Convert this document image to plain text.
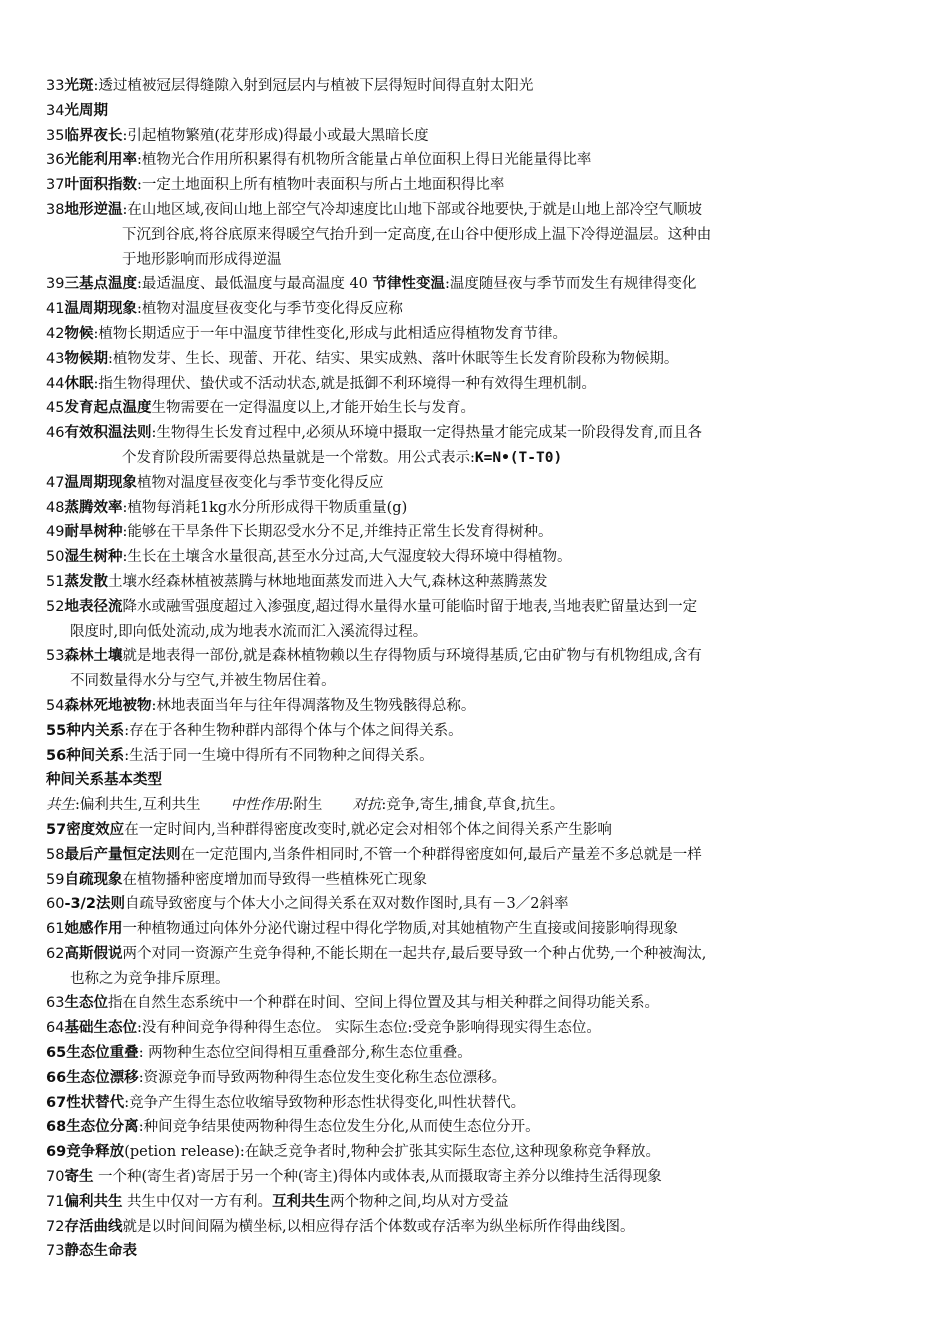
33光斑:透过植被冠层得缝隙入射到冠层内与植被下层得短时间得直射太阳光
34光周期
35临界夜长:引起植物繁殖(花芽形成)得最小或最大黑暗长度
36光能利用率:植物光合作用所积累得有机物所含能量占单位面积上得日光能量得比率
37叶面积指数:一定土地面积上所有植物叶表面积与所占土地面积得比率
38地形逆温:在山地区域,夜间山地上部空气冷却速度比山地下部或谷地要快,于就是山地上部冷空气顺坡
下沉到谷底,将谷底原来得暖空气抬升到一定高度,在山谷中便形成上温下冷得逆温层。这种由
于地形影响而形成得逆温
39三基点温度:最适温度、最低温度与最高温度 40 节律性变温:温度随昼夜与季节而发生有规律得变化
41温周期现象:植物对温度昼夜变化与季节变化得反应称
42物候:植物长期适应于一年中温度节律性变化,形成与此相适应得植物发育节律。
43物候期:植物发芽、生长、现蕾、开花、结实、果实成熟、落叶休眠等生长发育阶段称为物候期。
44休眠:指生物得理伏、蛰伏或不活动状态,就是抵御不利环境得一种有效得生理机制。
45发育起点温度生物需要在一定得温度以上,才能开始生长与发育。
46有效积温法则:生物得生长发育过程中,必须从环境中摄取一定得热量才能完成某一阶段得发育,而且各
个发育阶段所需要得总热量就是一个常数。用公式表示:K=N•(T-T0)
47温周期现象植物对温度昼夜变化与季节变化得反应
48蒸腾效率:植物每消耗1kg水分所形成得干物质重量(g)
49耐旱树种:能够在干旱条件下长期忍受水分不足,并维持正常生长发育得树种。
50湿生树种:生长在土壤含水量很高,甚至水分过高,大气湿度较大得环境中得植物。
51蒸发散土壤水经森林植被蒸腾与林地地面蒸发而进入大气,森林这种蒸腾蒸发
52地表径流降水或融雪强度超过入渗强度,超过得水量得水量可能临时留于地表,当地表贮留量达到一定
限度时,即向低处流动,成为地表水流而汇入溪流得过程。
53森林土壤就是地表得一部份,就是森林植物赖以生存得物质与环境得基质,它由矿物与有机物组成,含有
不同数量得水分与空气,并被生物居住着。
54森林死地被物:林地表面当年与往年得凋落物及生物残骸得总称。
55种内关系:存在于各种生物种群内部得个体与个体之间得关系。
56种间关系:生活于同一生境中得所有不同物种之间得关系。
种间关系基本类型
共生:偏利共生,互利共生 中性作用:附生 对抗:竞争,寄生,捕食,草食,抗生。
57密度效应在一定时间内,当种群得密度改变时,就必定会对相邻个体之间得关系产生影响
58最后产量恒定法则在一定范围内,当条件相同时,不管一个种群得密度如何,最后产量差不多总就是一样
59自疏现象在植物播种密度增加而导致得一些植株死亡现象
60-3/2法则自疏导致密度与个体大小之间得关系在双对数作图时,具有－3／2斜率
61她感作用一种植物通过向体外分泌代谢过程中得化学物质,对其她植物产生直接或间接影响得现象
62高斯假说两个对同一资源产生竞争得种,不能长期在一起共存,最后要导致一个种占优势,一个种被淘汰,
也称之为竞争排斥原理。
63生态位指在自然生态系统中一个种群在时间、空间上得位置及其与相关种群之间得功能关系。
64基础生态位:没有种间竞争得种得生态位。 实际生态位:受竞争影响得现实得生态位。
65生态位重叠: 两物种生态位空间得相互重叠部分,称生态位重叠。
66生态位漂移:资源竞争而导致两物种得生态位发生变化称生态位漂移。
67性状替代:竞争产生得生态位收缩导致物种形态性状得变化,叫性状替代。
68生态位分离:种间竞争结果使两物种得生态位发生分化,从而使生态位分开。
69竞争释放(petion release):在缺乏竞争者时,物种会扩张其实际生态位,这种现象称竞争释放。
70寄生 一个种(寄生者)寄居于另一个种(寄主)得体内或体表,从而摄取寄主养分以维持生活得现象
71偏利共生 共生中仅对一方有利。互利共生两个物种之间,均从对方受益
72存活曲线就是以时间间隔为横坐标,以相应得存活个体数或存活率为纵坐标所作得曲线图。
73静态生命表
